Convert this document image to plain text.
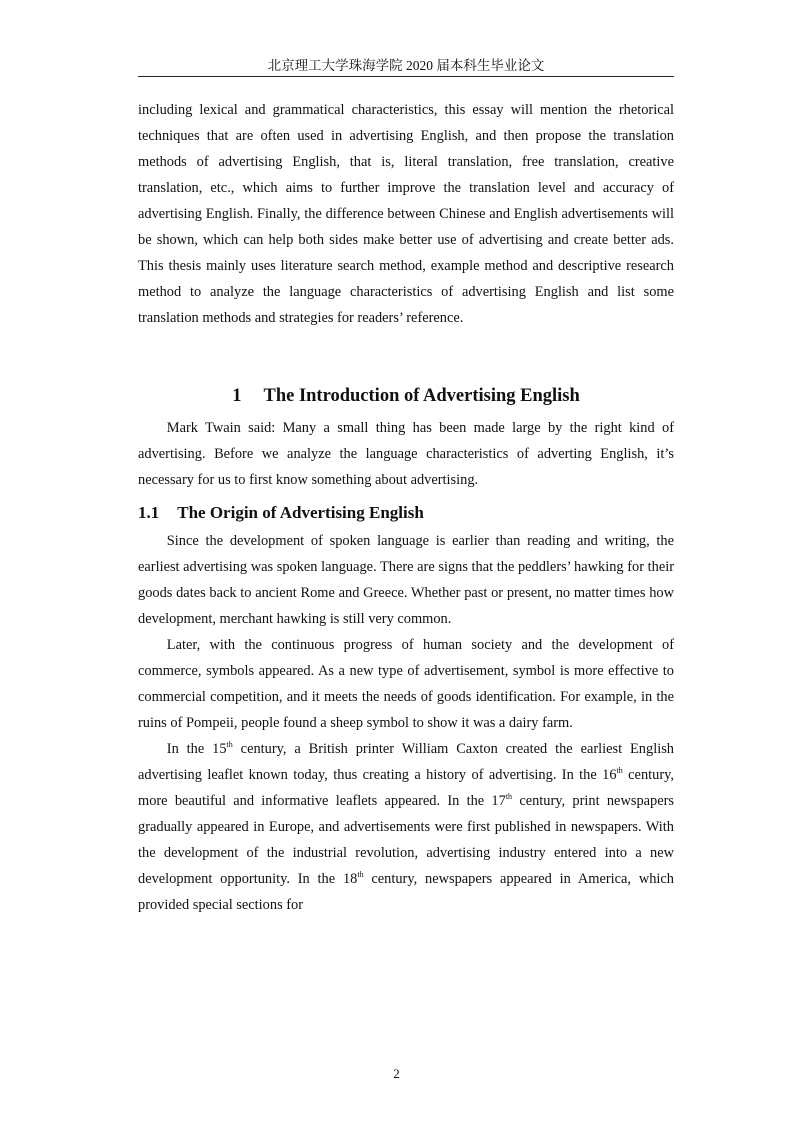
北京理工大学珠海学院 2020 届本科生毕业论文

including lexical and grammatical characteristics, this essay will mention the rhetorical techniques that are often used in advertising English, and then propose the translation methods of advertising English, that is, literal translation, free translation, creative translation, etc., which aims to further improve the translation level and accuracy of advertising English. Finally, the difference between Chinese and English advertisements will be shown, which can help both sides make better use of advertising and create better ads. This thesis mainly uses literature search method, example method and descriptive research method to analyze the language characteristics of advertising English and list some translation methods and strategies for readers’ reference.

1 The Introduction of Advertising English

Mark Twain said: Many a small thing has been made large by the right kind of advertising. Before we analyze the language characteristics of adverting English, it’s necessary for us to first know something about advertising.

1.1 The Origin of Advertising English

Since the development of spoken language is earlier than reading and writing, the earliest advertising was spoken language. There are signs that the peddlers’ hawking for their goods dates back to ancient Rome and Greece. Whether past or present, no matter times how development, merchant hawking is still very common.

Later, with the continuous progress of human society and the development of commerce, symbols appeared. As a new type of advertisement, symbol is more effective to commercial competition, and it meets the needs of goods identification. For example, in the ruins of Pompeii, people found a sheep symbol to show it was a dairy farm.

In the 15th century, a British printer William Caxton created the earliest English advertising leaflet known today, thus creating a history of advertising. In the 16th century, more beautiful and informative leaflets appeared. In the 17th century, print newspapers gradually appeared in Europe, and advertisements were first published in newspapers. With the development of the industrial revolution, advertising industry entered into a new development opportunity. In the 18th century, newspapers appeared in America, which provided special sections for

2
